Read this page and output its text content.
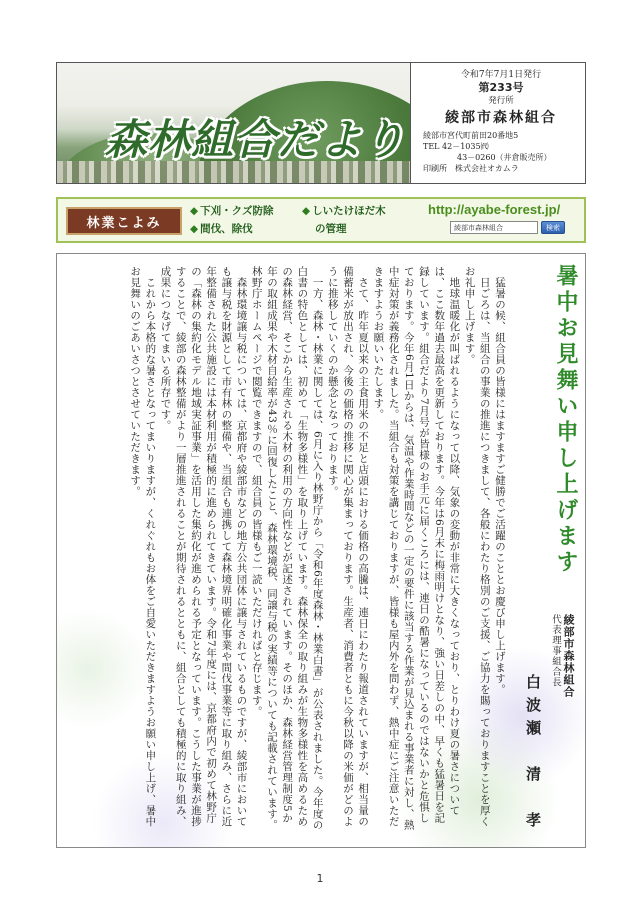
森林組合だより
令和7年7月1日発行
第233号
発行所
綾部市森林組合
綾部市宮代町前田20番地5
TEL 42－1035㈹
43－0260（井倉販売所）
印刷所　株式会社オカムラ
林業こよみ
◆ 下刈・クズ防除	◆ しいたけほだ木
◆ 間伐、除伐	の管理
http://ayabe-forest.jp/
綾部市森林組合	検索
暑中お見舞い申し上げます
綾部市森林組合
代表理事組合長
白波瀬　清　孝

猛暑の候、組合員の皆様にはますますご健勝でご活躍のこととお慶び申し上げます。

日ごろは、当組合の事業の推進につきまして、各般にわたり格別のご支援、ご協力を賜っておりますことを厚くお礼申し上げます。

地球温暖化が叫ばれるようになって以降、気象の変動が非常に大きくなっており、とりわけ夏の暑さについては、ここ数年過去最高を更新しております。今年は6月末に梅雨明けとなり、強い日差しの中、早くも猛暑日を記録しています。組合だより7月号が皆様のお手元に届くころには、連日の酷暑になっているのではないかと危惧しております。今年6月1日からは、気温や作業時間などの一定の要件に該当する作業が見込まれる事業者に対し、熱中症対策が義務化されました。当組合も対策を講じておりますが、皆様も屋内外を問わず、熱中症にご注意いただきますようお願いいたします。

さて、昨年夏以来の主食用米の不足と店頭における価格の高騰は、連日にわたり報道されていますが、相当量の備蓄米が放出され、今後の価格の推移に関心が集まっております。生産者、消費者ともに今秋以降の米価がどのように推移していくのか懸念となっております。

一方、森林・林業に関しては、6月に入り林野庁から「令和6年度森林・林業白書」が公表されました。今年度の白書の特色としては、初めて「生物多様性」を取り上げています。森林保全の取り組みが生物多様性を高めるための森林経営、そこから生産される木材の利用の方向性などが記述されています。そのほか、森林経営管理制度5か年の取組成果や木材自給率が43％に回復したこと、森林環境税、同譲与税の実績等についても記載されています。林野庁ホームページで閲覧できますので、組合員の皆様もご一読いただければと存じます。

森林環境譲与税については、京都府や綾部市などの地方公共団体に譲与されているものですが、綾部市においても譲与税を財源として市有林の整備や、当組合も連携して森林境界明確化事業や間伐事業等に取り組み、さらに近年整備された公共施設には本材利用が積極的に進められてきています。令和7年度には、京都府内で初めて林野庁の「森林の集約化モデル地域実証事業」を活用した集約化が進められる予定となっています。こうした事業が進捗することで、綾部の森林整備がより一層推進されることが期待されるとともに、組合としても積極的に取り組み、成果につなげてまいる所存です。

これから本格的な暑さとなってまいりますが、くれぐれもお体をご自愛いただきますようお願い申し上げ、暑中お見舞いのごあいさつとさせていただきます。

1
